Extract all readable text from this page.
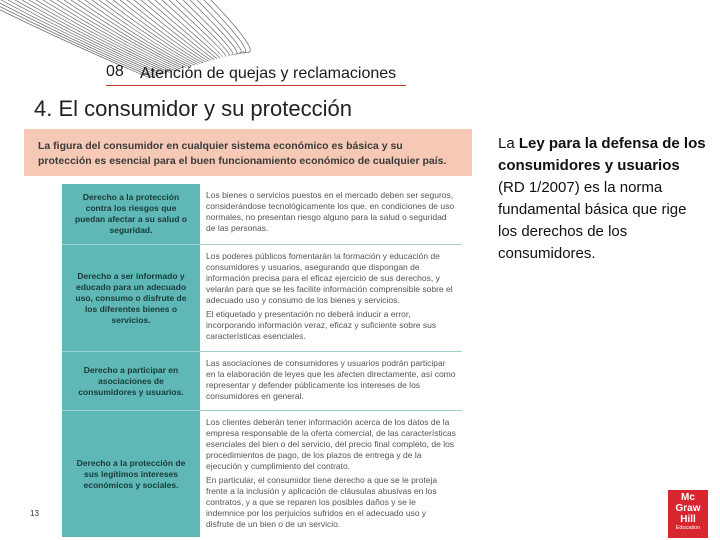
08 Atención de quejas y reclamaciones
4. El consumidor y su protección
La figura del consumidor en cualquier sistema económico es básica y su protección es esencial para el buen funcionamiento económico de cualquier país.
Derecho a la protección contra los riesgos que puedan afectar a su salud o seguridad.

Los bienes o servicios puestos en el mercado deben ser seguros, considerándose tecnológicamente los que, en condiciones de uso normales, no presentan riesgo alguno para la salud o seguridad de las personas.

Derecho a ser informado y educado para un adecuado uso, consumo o disfrute de los diferentes bienes o servicios.

Los poderes públicos fomentarán la formación y educación de consumidores y usuarios, asegurando que dispongan de información precisa para el eficaz ejercicio de sus derechos, y velarán para que se les facilite información comprensible sobre el adecuado uso y consumo de los bienes y servicios.

El etiquetado y presentación no deberá inducir a error, incorporando información veraz, eficaz y suficiente sobre sus características esenciales.

Derecho a participar en asociaciones de consumidores y usuarios.

Las asociaciones de consumidores y usuarios podrán participar en la elaboración de leyes que les afecten directamente, así como representar y defender públicamente los intereses de los consumidores en general.

Derecho a la protección de sus legítimos intereses económicos y sociales.

Los clientes deberán tener información acerca de los datos de la empresa responsable de la oferta comercial, de las características esenciales del bien o del servicio, del precio final completo, de los procedimientos de pago, de los plazos de entrega y de la ejecución y cumplimiento del contrato.

En particular, el consumidor tiene derecho a que se le proteja frente a la inclusión y aplicación de cláusulas abusivas en los contratos, y a que se reparen los posibles daños y se le indemnice por los perjuicios sufridos en el adecuado uso y disfrute de un bien o de un servicio.

La Ley para la defensa de los consumidores y usuarios (RD 1/2007) es la norma fundamental básica que rige los derechos de los consumidores.
13
Mc
Graw
Hill
Education
